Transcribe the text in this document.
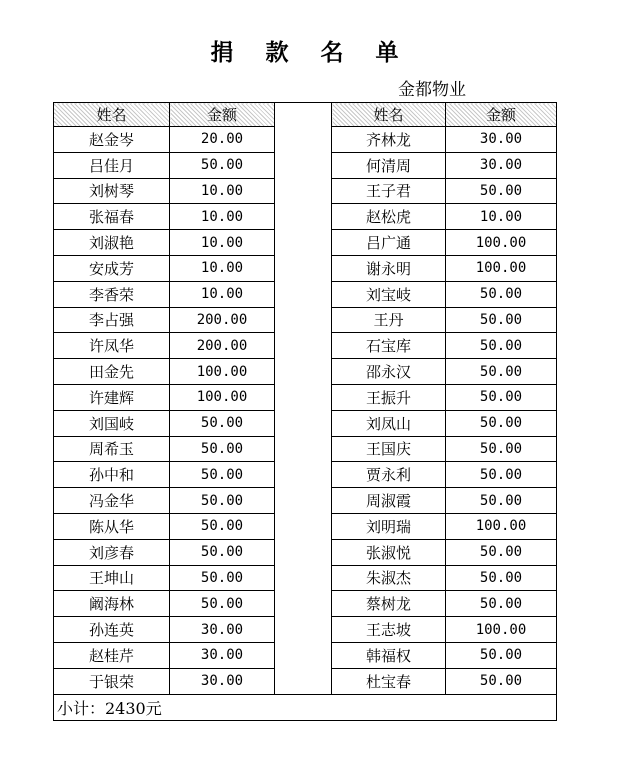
捐 款 名 单
金都物业
姓名	金额		姓名	金额
赵金岑	20.00		齐林龙	30.00
吕佳月	50.00		何清周	30.00
刘树琴	10.00		王子君	50.00
张福春	10.00		赵松虎	10.00
刘淑艳	10.00		吕广通	100.00
安成芳	10.00		谢永明	100.00
李香荣	10.00		刘宝岐	50.00
李占强	200.00		王丹	50.00
许凤华	200.00		石宝库	50.00
田金先	100.00		邵永汉	50.00
许建辉	100.00		王振升	50.00
刘国岐	50.00		刘凤山	50.00
周希玉	50.00		王国庆	50.00
孙中和	50.00		贾永利	50.00
冯金华	50.00		周淑霞	50.00
陈从华	50.00		刘明瑞	100.00
刘彦春	50.00		张淑悦	50.00
王坤山	50.00		朱淑杰	50.00
阚海林	50.00		蔡树龙	50.00
孙连英	30.00		王志坡	100.00
赵桂芹	30.00		韩福权	50.00
于银荣	30.00		杜宝春	50.00
小计：2430元				
